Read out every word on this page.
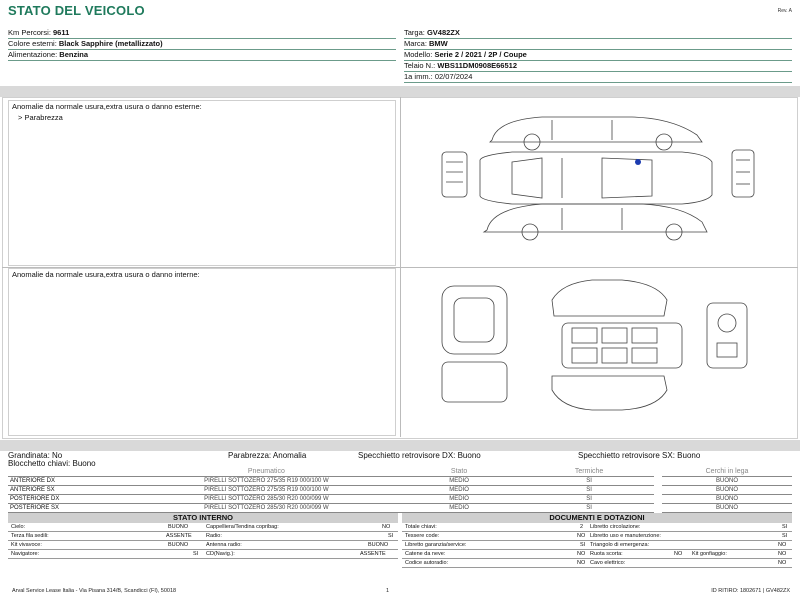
STATO DEL VEICOLO	Rev. A
Km Percorsi: 9611
Colore esterni: Black Sapphire (metallizzato)
Alimentazione: Benzina
Targa: GV482ZX
Marca: BMW
Modello: Serie 2 / 2021 / 2P / Coupe
Telaio N.: WBS11DM0908E66512
1a imm.: 02/07/2024
Anomalie da normale usura,extra usura o danno esterne:
> Parabrezza
Anomalie da normale usura,extra usura o danno interne:
Grandinata: No	Parabrezza: Anomalia	Specchietto retrovisore DX: Buono	Specchietto retrovisore SX: Buono
Blocchetto chiavi: Buono
	Pneumatico	Stato	Termiche		Cerchi in lega
ANTERIORE DX	PIRELLI SOTTOZERO 275/35 R19 000/100 W	MEDIO	SI		BUONO
ANTERIORE SX	PIRELLI SOTTOZERO 275/35 R19 000/100 W	MEDIO	SI		BUONO
POSTERIORE DX	PIRELLI SOTTOZERO 285/30 R20 000/099 W	MEDIO	SI		BUONO
POSTERIORE SX	PIRELLI SOTTOZERO 285/30 R20 000/099 W	MEDIO	SI		BUONO
STATO INTERNO
Cielo:	BUONO	Cappelliera/Tendina copribag:	NO
Terza fila sedili:	ASSENTE	Radio:	SI
Kit vivavoce:	BUONO	Antenna radio:	BUONO
Navigatore:	SI CD(Navig.):	ASSENTE
DOCUMENTI E DOTAZIONI
Totale chiavi:	2 Libretto circolazione:	SI
Tessere code:	NO Libretto uso e manutenzione:	SI
Libretto garanzia/service:	SI Triangolo di emergenza:	NO
Catene da neve:	NO Ruota scorta:	NO Kit gonfiaggio:	NO
Codice autoradio:	NO Cavo elettrico:	NO
Arval Service Lease Italia - Via Pisana 314/B, Scandicci (FI), 50018	1	ID RITIRO: 1802671 | GV482ZX
